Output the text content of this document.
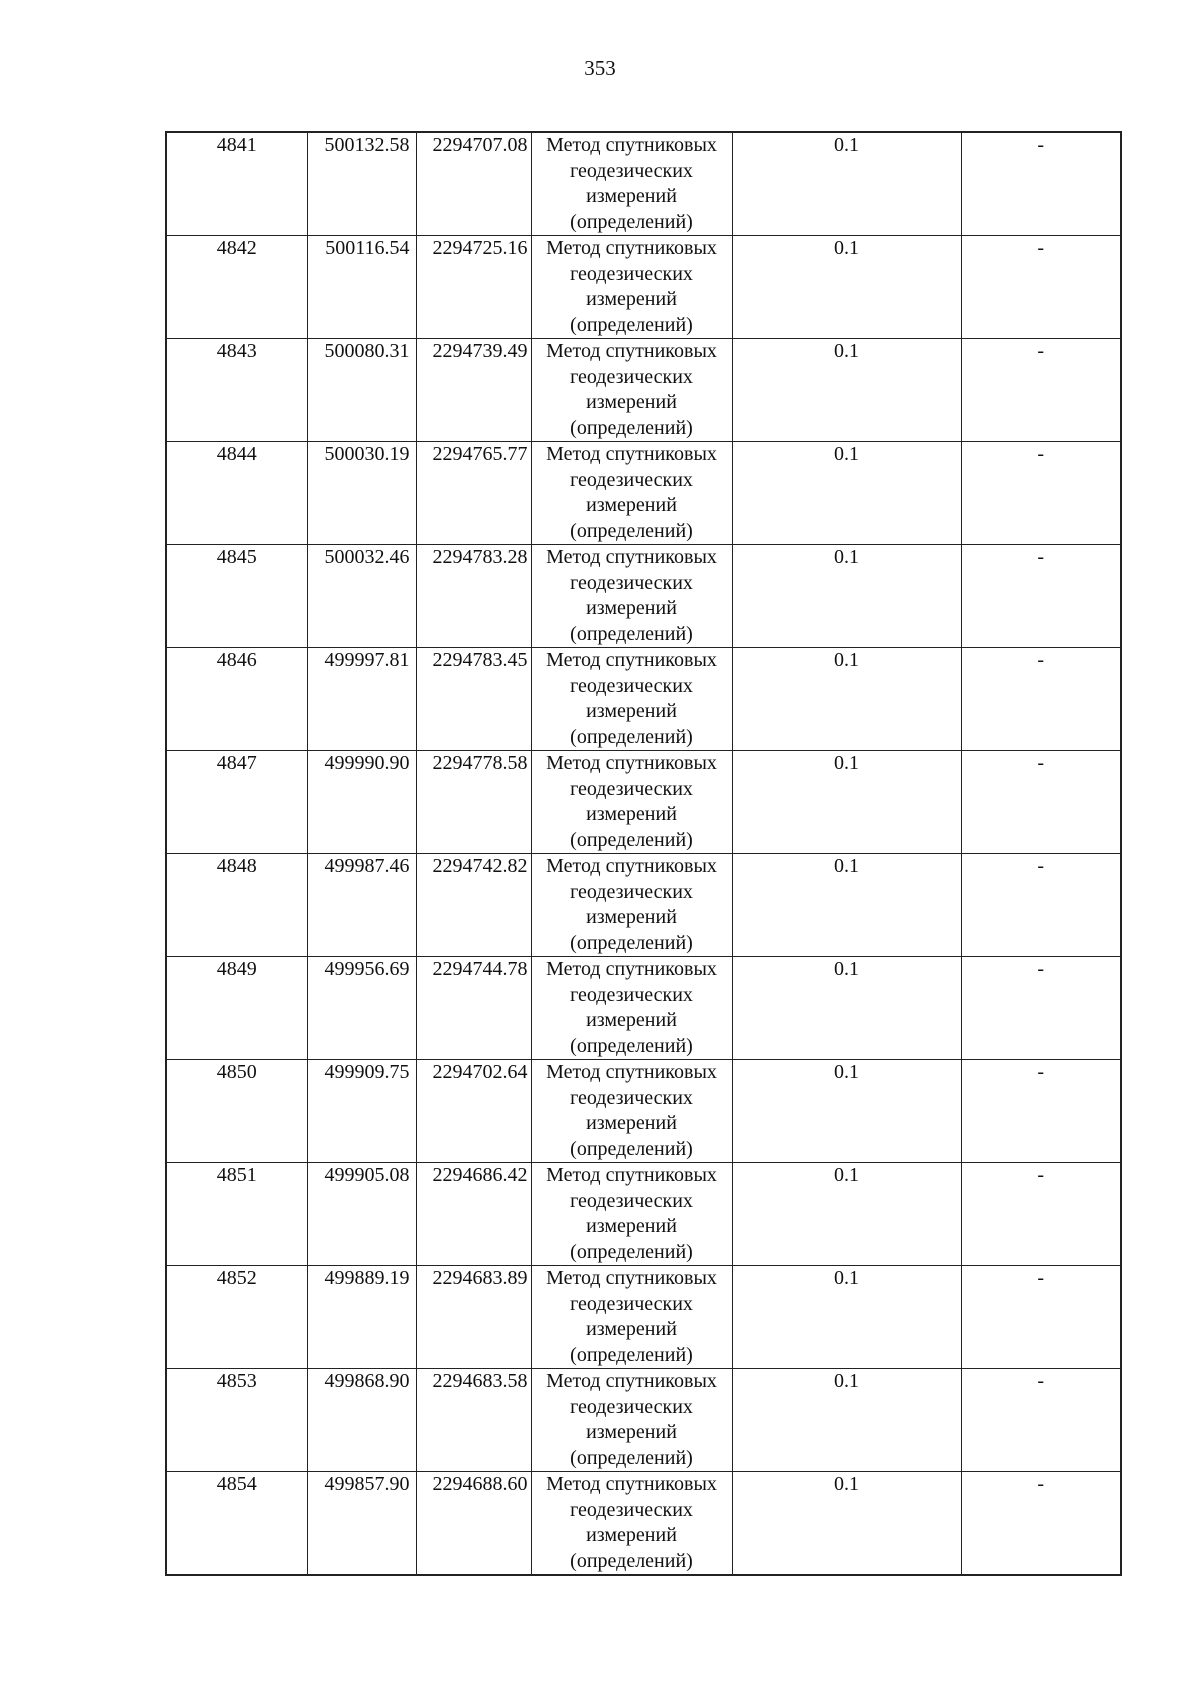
353
4841	500132.58	2294707.08	Метод спутниковых
геодезических
измерений
(определений)	0.1	-
4842	500116.54	2294725.16	Метод спутниковых
геодезических
измерений
(определений)	0.1	-
4843	500080.31	2294739.49	Метод спутниковых
геодезических
измерений
(определений)	0.1	-
4844	500030.19	2294765.77	Метод спутниковых
геодезических
измерений
(определений)	0.1	-
4845	500032.46	2294783.28	Метод спутниковых
геодезических
измерений
(определений)	0.1	-
4846	499997.81	2294783.45	Метод спутниковых
геодезических
измерений
(определений)	0.1	-
4847	499990.90	2294778.58	Метод спутниковых
геодезических
измерений
(определений)	0.1	-
4848	499987.46	2294742.82	Метод спутниковых
геодезических
измерений
(определений)	0.1	-
4849	499956.69	2294744.78	Метод спутниковых
геодезических
измерений
(определений)	0.1	-
4850	499909.75	2294702.64	Метод спутниковых
геодезических
измерений
(определений)	0.1	-
4851	499905.08	2294686.42	Метод спутниковых
геодезических
измерений
(определений)	0.1	-
4852	499889.19	2294683.89	Метод спутниковых
геодезических
измерений
(определений)	0.1	-
4853	499868.90	2294683.58	Метод спутниковых
геодезических
измерений
(определений)	0.1	-
4854	499857.90	2294688.60	Метод спутниковых
геодезических
измерений
(определений)	0.1	-
